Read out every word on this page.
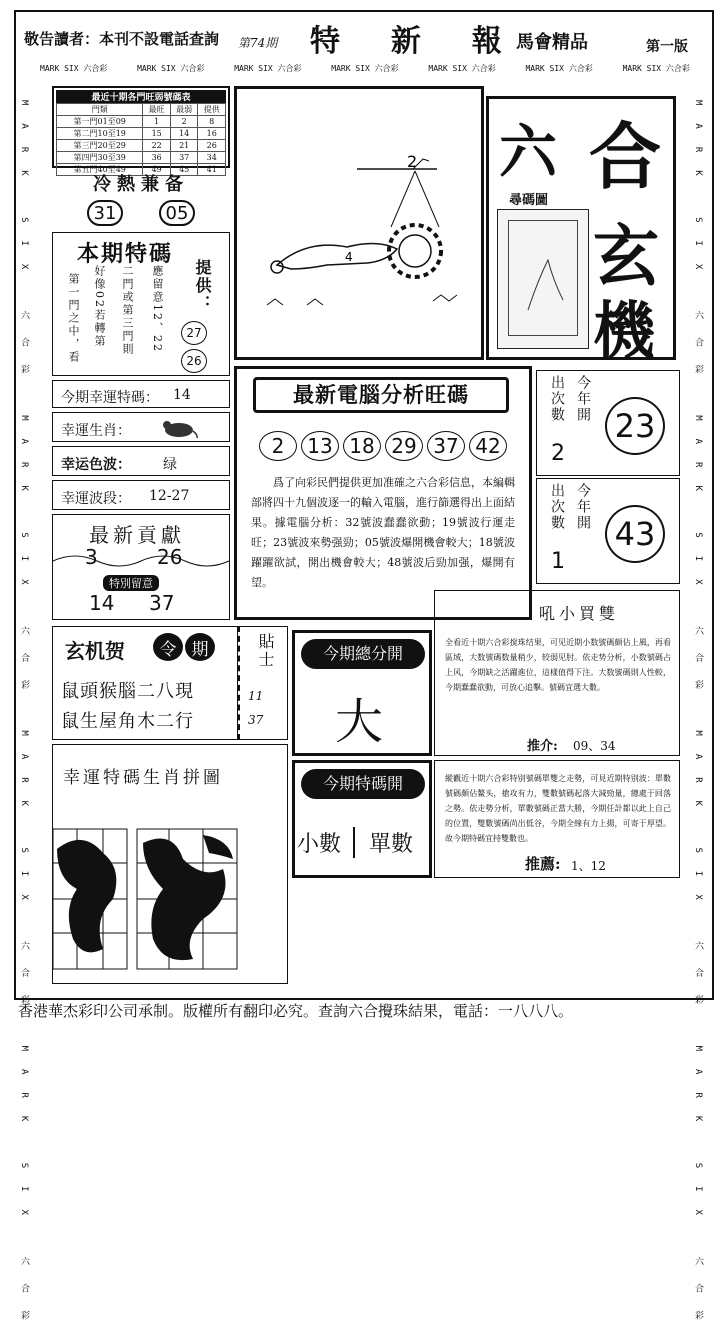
敬告讀者：本刊不設電話查詢 第74期 特  新  報 馬會精品	第一版
MARK SIX 六合彩	MARK SIX 六合彩	MARK SIX 六合彩	MARK SIX 六合彩	MARK SIX 六合彩	MARK SIX 六合彩	MARK SIX 六合彩
MARK SIX 六合彩 MARK SIX 六合彩 MARK SIX 六合彩 MARK SIX 六合彩
MARK SIX 六合彩 MARK SIX 六合彩 MARK SIX 六合彩 MARK SIX 六合彩
最近十期各門旺弱號碼表
門類	最旺	最弱	提供
第一門01至09	1	2	8
第二門10至19	15	14	16
第三門20至29	22	21	26
第四門30至39	36	37	34
第五門40至49	49	45	41
冷熱兼备
31	05
本期特碼
第一門之中，看 好像02若轉第 二門或第三門則 應留意12、22 提供：
27
26
今期幸運特碼： 14
幸運生肖：
幸运色波： 绿
幸運波段： 12-27
最新貢獻
3	26
特別留意
14 37
2
4
六 合
尋碼圖
玄
機
最新電腦分析旺碼
2	13 18 29 37 42
爲了向彩民們提供更加准確之六合彩信息，本編輯部將四十九個波逐一的輸入電腦，進行篩選得出上面結果。據電腦分析：32號波蠢蠢欲動；19號波行運走旺；23號波來勢强勁；05號波爆開機會較大；18號波躍躍欲試，開出機會較大；48號波后勁加强，爆開有望。
出次數
2
今年開
23
出次數
1
今年開
43
玄机贺	令 期
鼠頭猴腦二八現
鼠生屋角木二行
貼士
11
37
今期總分開
大
吼小買雙
全看近十期六合彩搅珠结果，可见近期小数號碼頗佔上風，再看區域，大数號碼数量稍少，较弱见肘。依走势分析，小数號碼占上风，今期缺之活躍進位，這樣值得下注。大数號碼則人性較，今期蠢蠢欲動，可放心追擊。號碼宜選大數。
推介: 09、34
今期特碼開
小數	單數
縱觀近十期六合彩特别號碼單雙之走勢，可見近期特别波：單數號碼頗佔鳌头，搶攻有力，雙數號碼起落大減勁量，總處于回落之勢。依走勢分析，單數號碼正當大勝，今期任計都以此上自己的位置，雙數號碼尚出低谷，今期全線有力上揚，可寄于厚望。故今期特碼宜持雙數也。
推薦: 1、12
幸運特碼生肖拼圖
香港華杰彩印公司承制。版權所有翻印必究。查詢六合攪珠結果，電話：一八八八。
